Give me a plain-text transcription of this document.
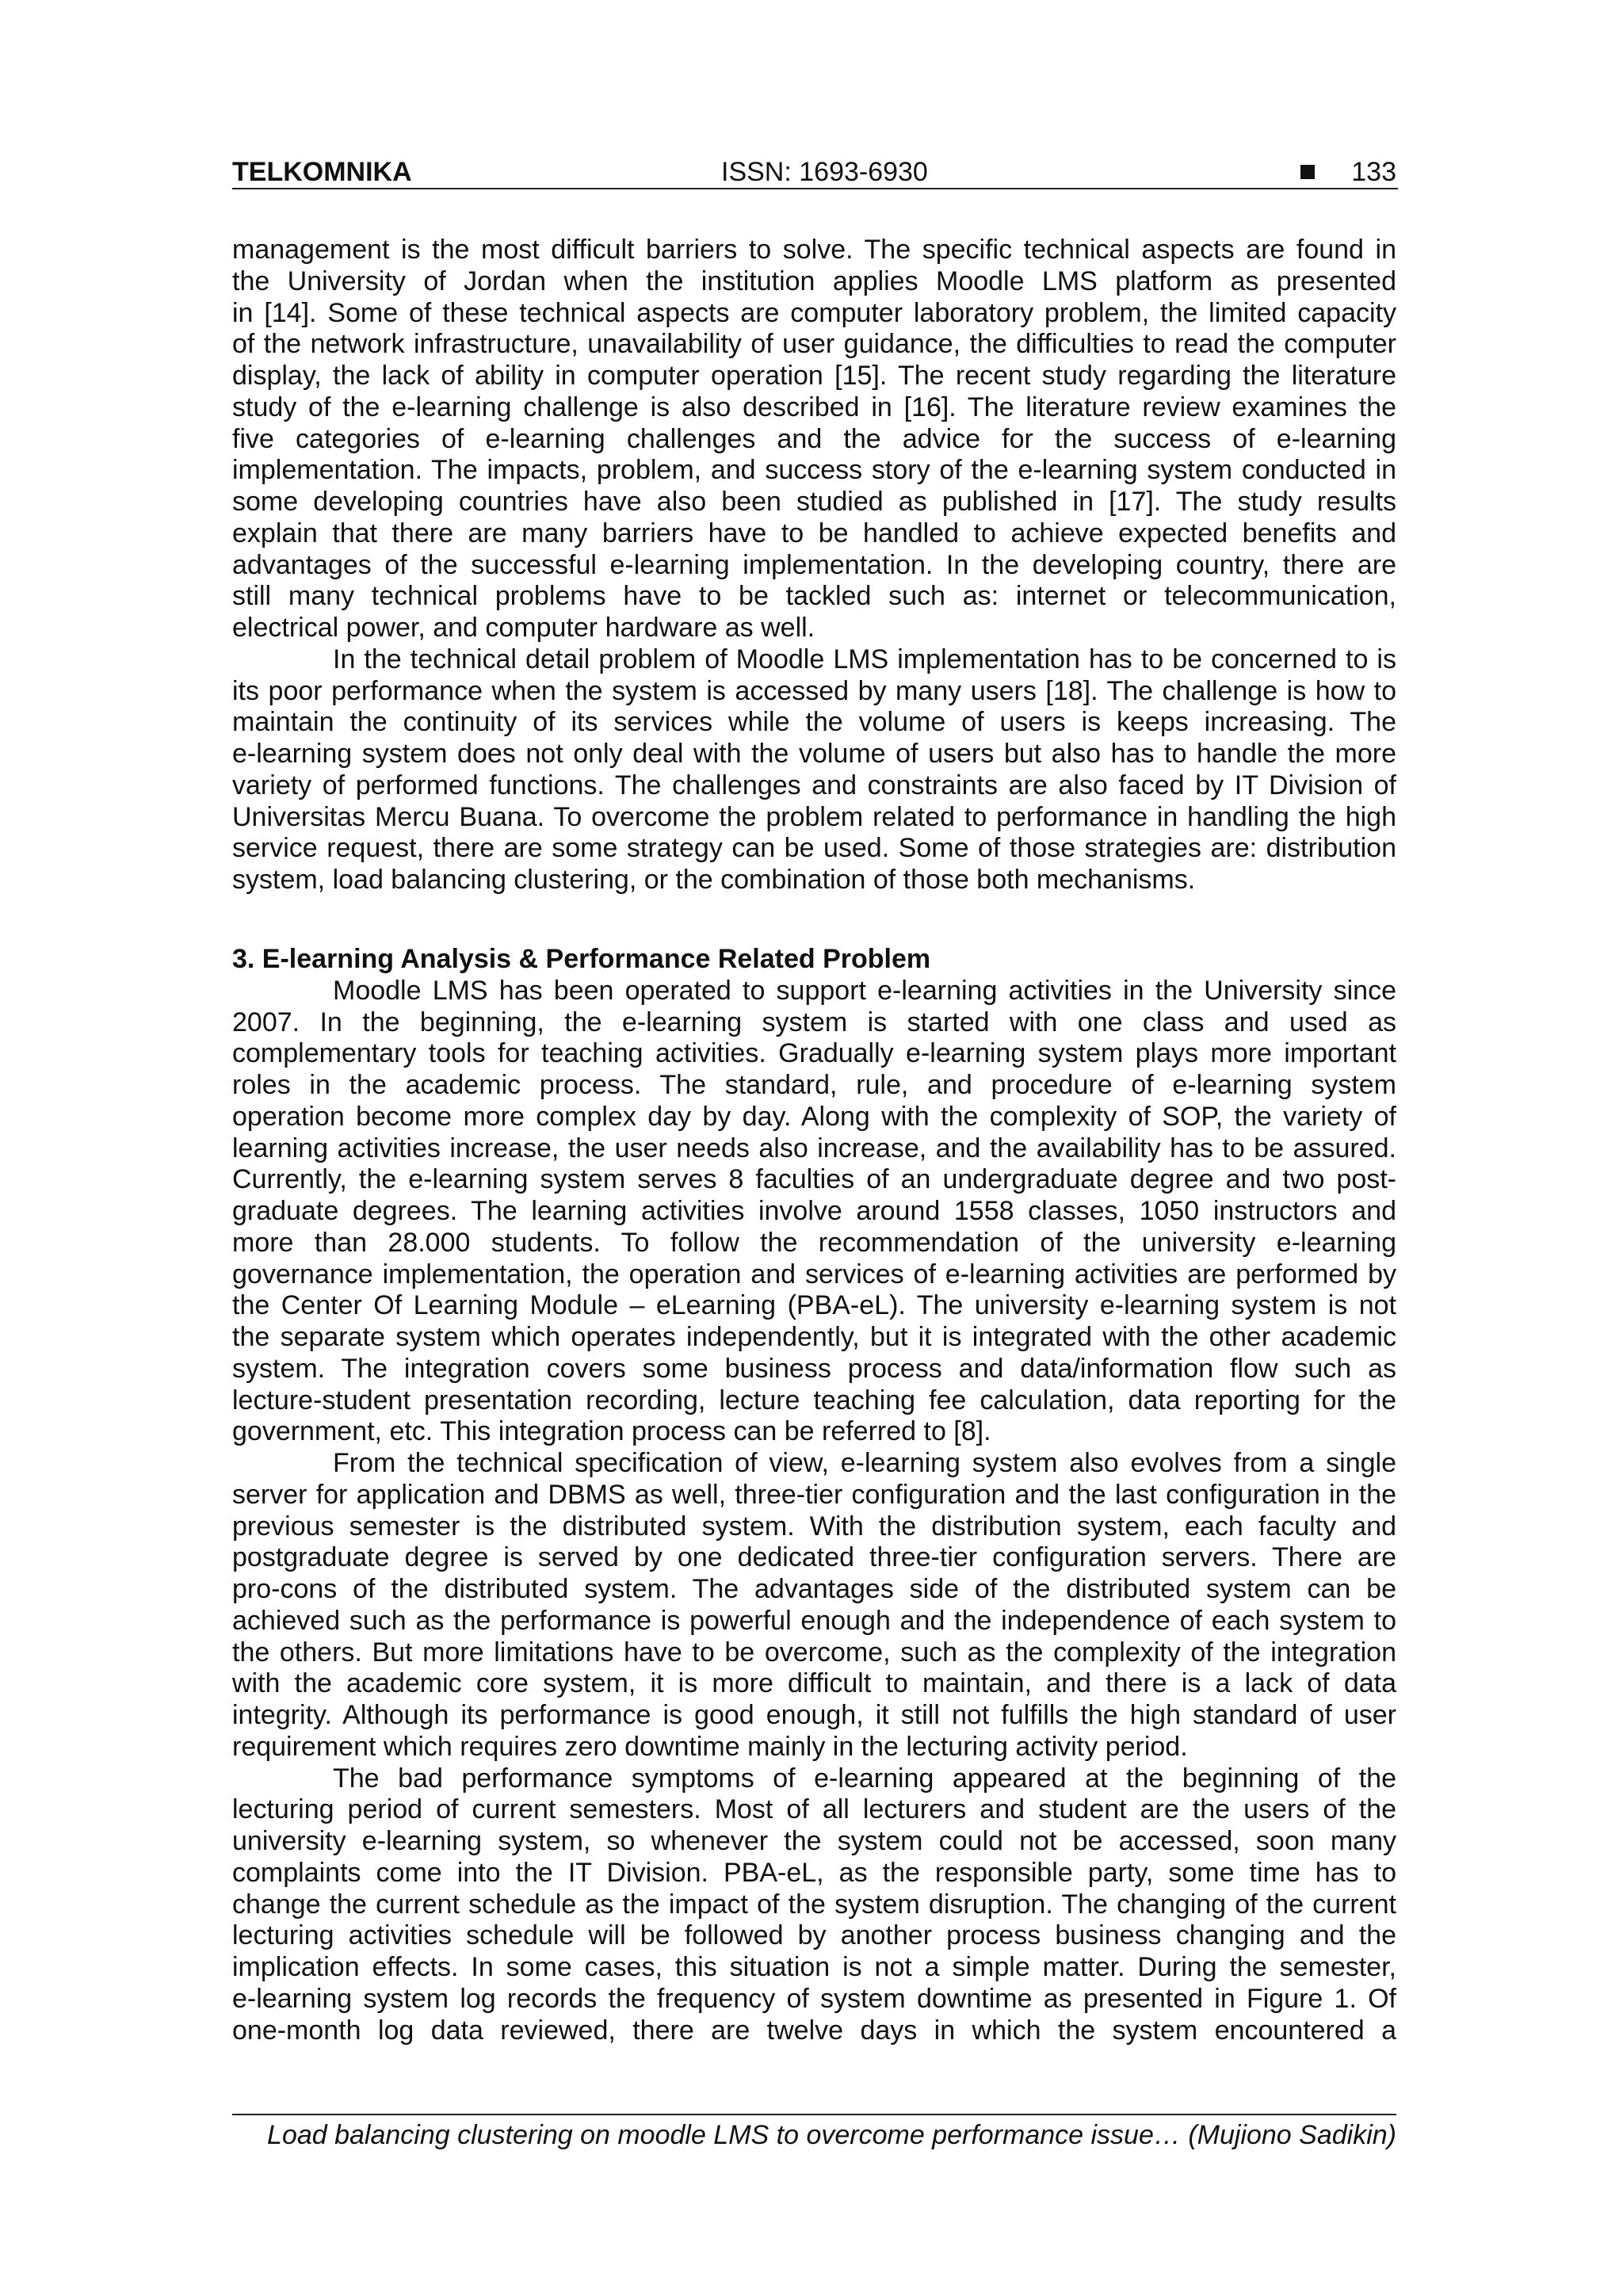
TELKOMNIKA	ISSN: 1693-6930	133
management is the most difficult barriers to solve. The specific technical aspects are found in
the University of Jordan when the institution applies Moodle LMS platform as presented
in [14]. Some of these technical aspects are computer laboratory problem, the limited capacity
of the network infrastructure, unavailability of user guidance, the difficulties to read the computer
display, the lack of ability in computer operation [15]. The recent study regarding the literature
study of the e-learning challenge is also described in [16]. The literature review examines the
five categories of e-learning challenges and the advice for the success of e-learning
implementation. The impacts, problem, and success story of the e-learning system conducted in
some developing countries have also been studied as published in [17]. The study results
explain that there are many barriers have to be handled to achieve expected benefits and
advantages of the successful e-learning implementation. In the developing country, there are
still many technical problems have to be tackled such as: internet or telecommunication,
electrical power, and computer hardware as well.
In the technical detail problem of Moodle LMS implementation has to be concerned to is
its poor performance when the system is accessed by many users [18]. The challenge is how to
maintain the continuity of its services while the volume of users is keeps increasing. The
e-learning system does not only deal with the volume of users but also has to handle the more
variety of performed functions. The challenges and constraints are also faced by IT Division of
Universitas Mercu Buana. To overcome the problem related to performance in handling the high
service request, there are some strategy can be used. Some of those strategies are: distribution
system, load balancing clustering, or the combination of those both mechanisms.
3. E-learning Analysis & Performance Related Problem
Moodle LMS has been operated to support e-learning activities in the University since
2007. In the beginning, the e-learning system is started with one class and used as
complementary tools for teaching activities. Gradually e-learning system plays more important
roles in the academic process. The standard, rule, and procedure of e-learning system
operation become more complex day by day. Along with the complexity of SOP, the variety of
learning activities increase, the user needs also increase, and the availability has to be assured.
Currently, the e-learning system serves 8 faculties of an undergraduate degree and two post-
graduate degrees. The learning activities involve around 1558 classes, 1050 instructors and
more than 28.000 students. To follow the recommendation of the university e-learning
governance implementation, the operation and services of e-learning activities are performed by
the Center Of Learning Module – eLearning (PBA-eL). The university e-learning system is not
the separate system which operates independently, but it is integrated with the other academic
system. The integration covers some business process and data/information flow such as
lecture-student presentation recording, lecture teaching fee calculation, data reporting for the
government, etc. This integration process can be referred to [8].
From the technical specification of view, e-learning system also evolves from a single
server for application and DBMS as well, three-tier configuration and the last configuration in the
previous semester is the distributed system. With the distribution system, each faculty and
postgraduate degree is served by one dedicated three-tier configuration servers. There are
pro-cons of the distributed system. The advantages side of the distributed system can be
achieved such as the performance is powerful enough and the independence of each system to
the others. But more limitations have to be overcome, such as the complexity of the integration
with the academic core system, it is more difficult to maintain, and there is a lack of data
integrity. Although its performance is good enough, it still not fulfills the high standard of user
requirement which requires zero downtime mainly in the lecturing activity period.
The bad performance symptoms of e-learning appeared at the beginning of the
lecturing period of current semesters. Most of all lecturers and student are the users of the
university e-learning system, so whenever the system could not be accessed, soon many
complaints come into the IT Division. PBA-eL, as the responsible party, some time has to
change the current schedule as the impact of the system disruption. The changing of the current
lecturing activities schedule will be followed by another process business changing and the
implication effects. In some cases, this situation is not a simple matter. During the semester,
e-learning system log records the frequency of system downtime as presented in Figure 1. Of
one-month log data reviewed, there are twelve days in which the system encountered a
Load balancing clustering on moodle LMS to overcome performance issue… (Mujiono Sadikin)
